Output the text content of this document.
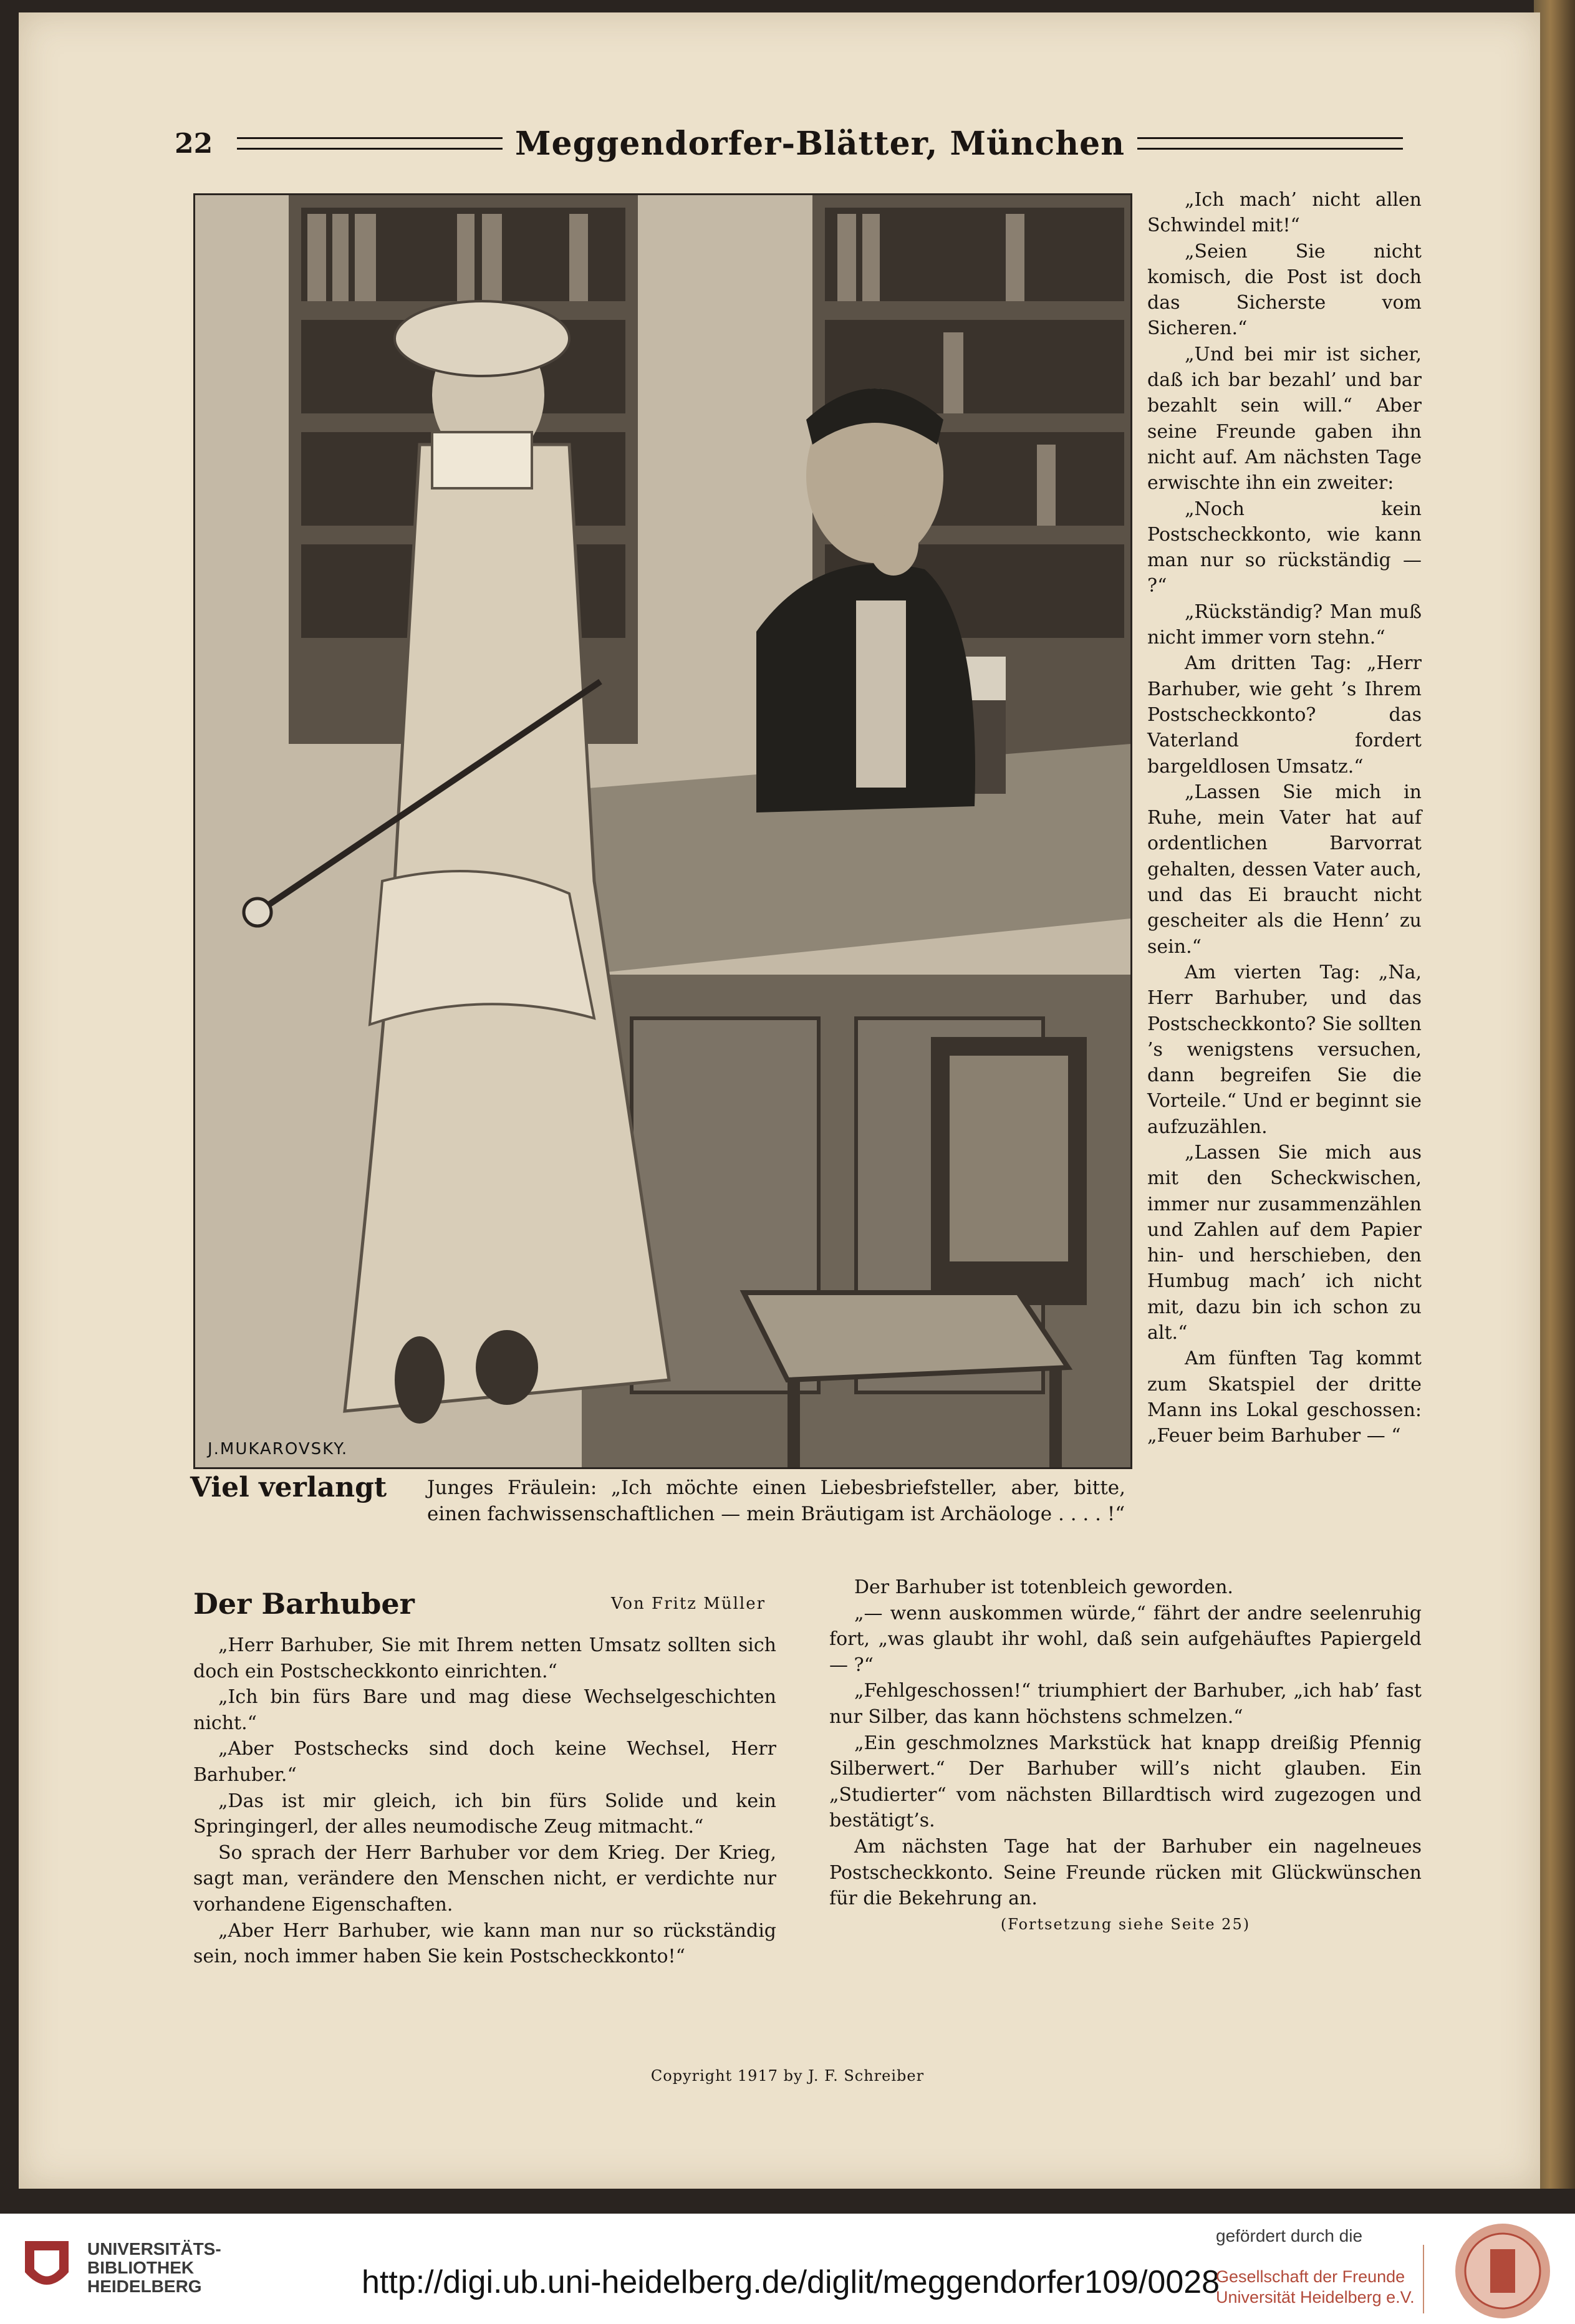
22	Meggendorfer-Blätter, München
J.MUKAROVSKY.

„Ich mach’ nicht allen Schwindel mit!“

„Seien Sie nicht komisch, die Post ist doch das Sicherste vom Sicheren.“

„Und bei mir ist sicher, daß ich bar bezahl’ und bar bezahlt sein will.“ Aber seine Freunde gaben ihn nicht auf. Am nächsten Tage erwischte ihn ein zweiter:

„Noch kein Postscheckkonto, wie kann man nur so rückständig — ?“

„Rückständig? Man muß nicht immer vorn stehn.“

Am dritten Tag: „Herr Barhuber, wie geht ’s Ihrem Postscheckkonto? das Vaterland fordert bargeldlosen Umsatz.“

„Lassen Sie mich in Ruhe, mein Vater hat auf ordentlichen Barvorrat gehalten, dessen Vater auch, und das Ei braucht nicht gescheiter als die Henn’ zu sein.“

Am vierten Tag: „Na, Herr Barhuber, und das Postscheckkonto? Sie sollten ’s wenigstens versuchen, dann begreifen Sie die Vorteile.“ Und er beginnt sie aufzuzählen.

„Lassen Sie mich aus mit den Scheckwischen, immer nur zusammenzählen und Zahlen auf dem Papier hin- und herschieben, den Humbug mach’ ich nicht mit, dazu bin ich schon zu alt.“

Am fünften Tag kommt zum Skatspiel der dritte Mann ins Lokal geschossen: „Feuer beim Barhuber — “

Viel verlangt Junges Fräulein: „Ich möchte einen Liebesbriefsteller, aber, bitte, einen fachwissenschaftlichen — mein Bräutigam ist Archäologe . . . . !“
Der Barhuber	Von Fritz Müller

„Herr Barhuber, Sie mit Ihrem netten Umsatz sollten sich doch ein Postscheckkonto einrichten.“

„Ich bin fürs Bare und mag diese Wechselgeschichten nicht.“

„Aber Postschecks sind doch keine Wechsel, Herr Barhuber.“

„Das ist mir gleich, ich bin fürs Solide und kein Springingerl, der alles neumodische Zeug mitmacht.“

So sprach der Herr Barhuber vor dem Krieg. Der Krieg, sagt man, verändere den Menschen nicht, er verdichte nur vorhandene Eigenschaften.

„Aber Herr Barhuber, wie kann man nur so rückständig sein, noch immer haben Sie kein Postscheckkonto!“

Der Barhuber ist totenbleich geworden.

„— wenn auskommen würde,“ fährt der andre seelenruhig fort, „was glaubt ihr wohl, daß sein aufgehäuftes Papiergeld — ?“

„Fehlgeschossen!“ triumphiert der Barhuber, „ich hab’ fast nur Silber, das kann höchstens schmelzen.“

„Ein geschmolznes Markstück hat knapp dreißig Pfennig Silberwert.“ Der Barhuber will’s nicht glauben. Ein „Studierter“ vom nächsten Billardtisch wird zugezogen und bestätigt’s.

Am nächsten Tage hat der Barhuber ein nagelneues Postscheckkonto. Seine Freunde rücken mit Glückwünschen für die Bekehrung an.

(Fortsetzung siehe Seite 25)

Copyright 1917 by J. F. Schreiber
UNIVERSITÄTS-
BIBLIOTHEK
HEIDELBERG	http://digi.ub.uni-heidelberg.de/diglit/meggendorfer109/0028
gefördert durch die
Gesellschaft der Freunde
Universität Heidelberg e.V.
